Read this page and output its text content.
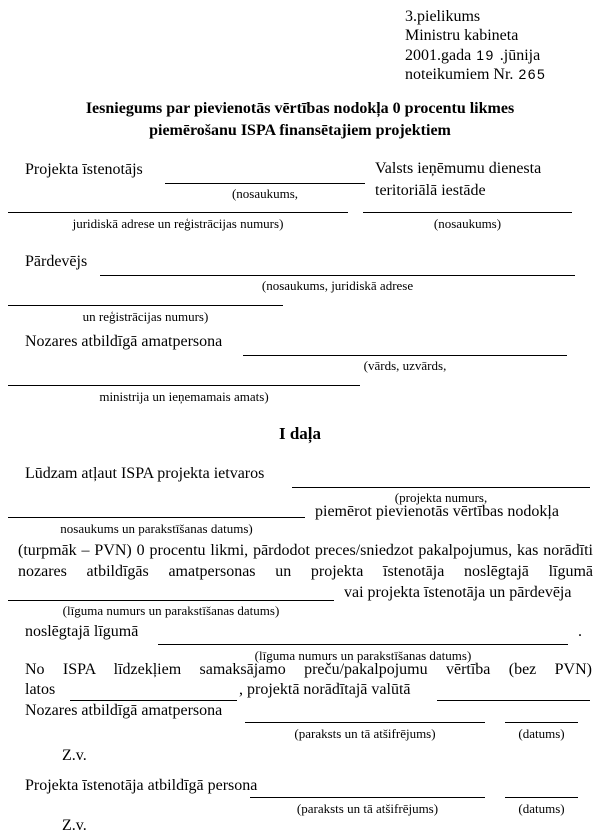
3.pielikums
Ministru kabineta
2001.gada 19 .jūnija
noteikumiem Nr. 265
Iesniegums par pievienotās vērtības nodokļa 0 procentu likmes
piemērošanu ISPA finansētajiem projektiem
Projekta īstenotājs
(nosaukums,
Valsts ieņēmumu dienesta teritoriālā iestāde
juridiskā adrese un reģistrācijas numurs)	(nosaukums)
Pārdevējs
(nosaukums, juridiskā adrese
un reģistrācijas numurs)
Nozares atbildīgā amatpersona
(vārds, uzvārds,
ministrija un ieņemamais amats)
I daļa
Lūdzam atļaut ISPA projekta ietvaros
(projekta numurs,
piemērot pievienotās vērtības nodokļa
nosaukums un parakstīšanas datums)
(turpmāk – PVN) 0 procentu likmi, pārdodot preces/sniedzot pakalpojumus, kas norādīti nozares atbildīgās amatpersonas un projekta īstenotāja noslēgtajā līgumā
vai projekta īstenotāja un pārdevēja
(līguma numurs un parakstīšanas datums)
noslēgtajā līgumā	.
(līguma numurs un parakstīšanas datums)
No ISPA līdzekļiem samaksājamo preču/pakalpojumu vērtība (bez PVN)
latos	, projektā norādītajā valūtā
Nozares atbildīgā amatpersona
(paraksts un tā atšifrējums)	(datums)
Z.v.
Projekta īstenotāja atbildīgā persona
(paraksts un tā atšifrējums)	(datums)
Z.v.
